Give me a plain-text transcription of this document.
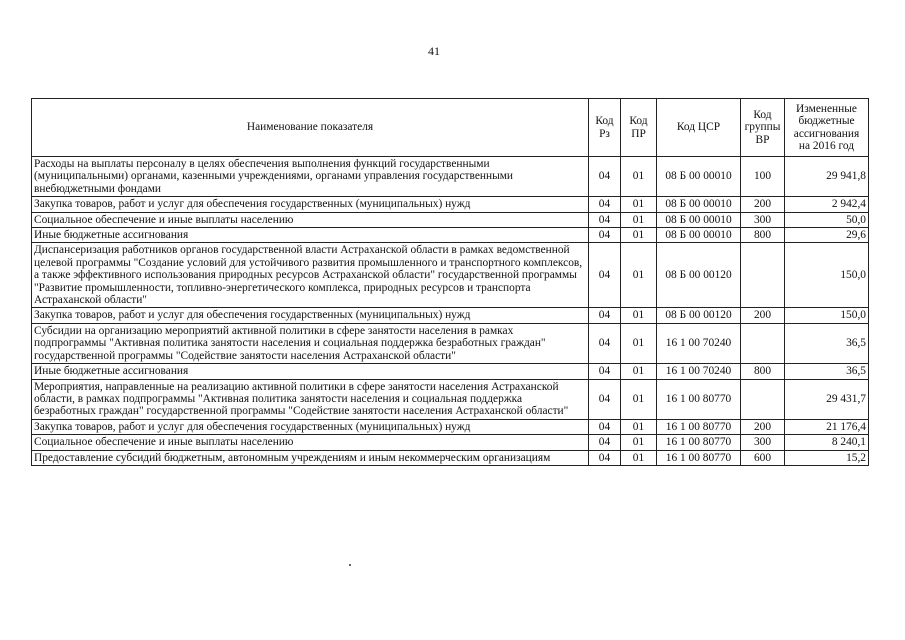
41
Наименование показателя	Код Рз	Код ПР	Код ЦСР	Код группы ВР	Измененные бюджетные ассигнования на 2016 год
Расходы на выплаты персоналу в целях обеспечения выполнения функций государственными (муниципальными) органами, казенными учреждениями, органами управления государственными внебюджетными фондами	04	01	08 Б 00 00010	100	29 941,8
Закупка товаров, работ и услуг для обеспечения государственных (муниципальных) нужд	04	01	08 Б 00 00010	200	2 942,4
Социальное обеспечение и иные выплаты населению	04	01	08 Б 00 00010	300	50,0
Иные бюджетные ассигнования	04	01	08 Б 00 00010	800	29,6
Диспансеризация работников органов государственной власти Астраханской области в рамках ведомственной целевой программы "Создание условий для устойчивого развития промышленного и транспортного комплексов, а также эффективного использования природных ресурсов Астраханской области" государственной программы "Развитие промышленности, топливно-энергетического комплекса, природных ресурсов и транспорта Астраханской области"	04	01	08 Б 00 00120		150,0
Закупка товаров, работ и услуг для обеспечения государственных (муниципальных) нужд	04	01	08 Б 00 00120	200	150,0
Субсидии на организацию мероприятий активной политики в сфере занятости населения в рамках подпрограммы "Активная политика занятости населения и социальная поддержка безработных граждан" государственной программы "Содействие занятости населения Астраханской области"	04	01	16 1 00 70240		36,5
Иные бюджетные ассигнования	04	01	16 1 00 70240	800	36,5
Мероприятия, направленные на реализацию активной политики в сфере занятости населения Астраханской области, в рамках подпрограммы "Активная политика занятости населения и социальная поддержка безработных граждан" государственной программы "Содействие занятости населения Астраханской области"	04	01	16 1 00 80770		29 431,7
Закупка товаров, работ и услуг для обеспечения государственных (муниципальных) нужд	04	01	16 1 00 80770	200	21 176,4
Социальное обеспечение и иные выплаты населению	04	01	16 1 00 80770	300	8 240,1
Предоставление субсидий бюджетным, автономным учреждениям и иным некоммерческим организациям	04	01	16 1 00 80770	600	15,2
